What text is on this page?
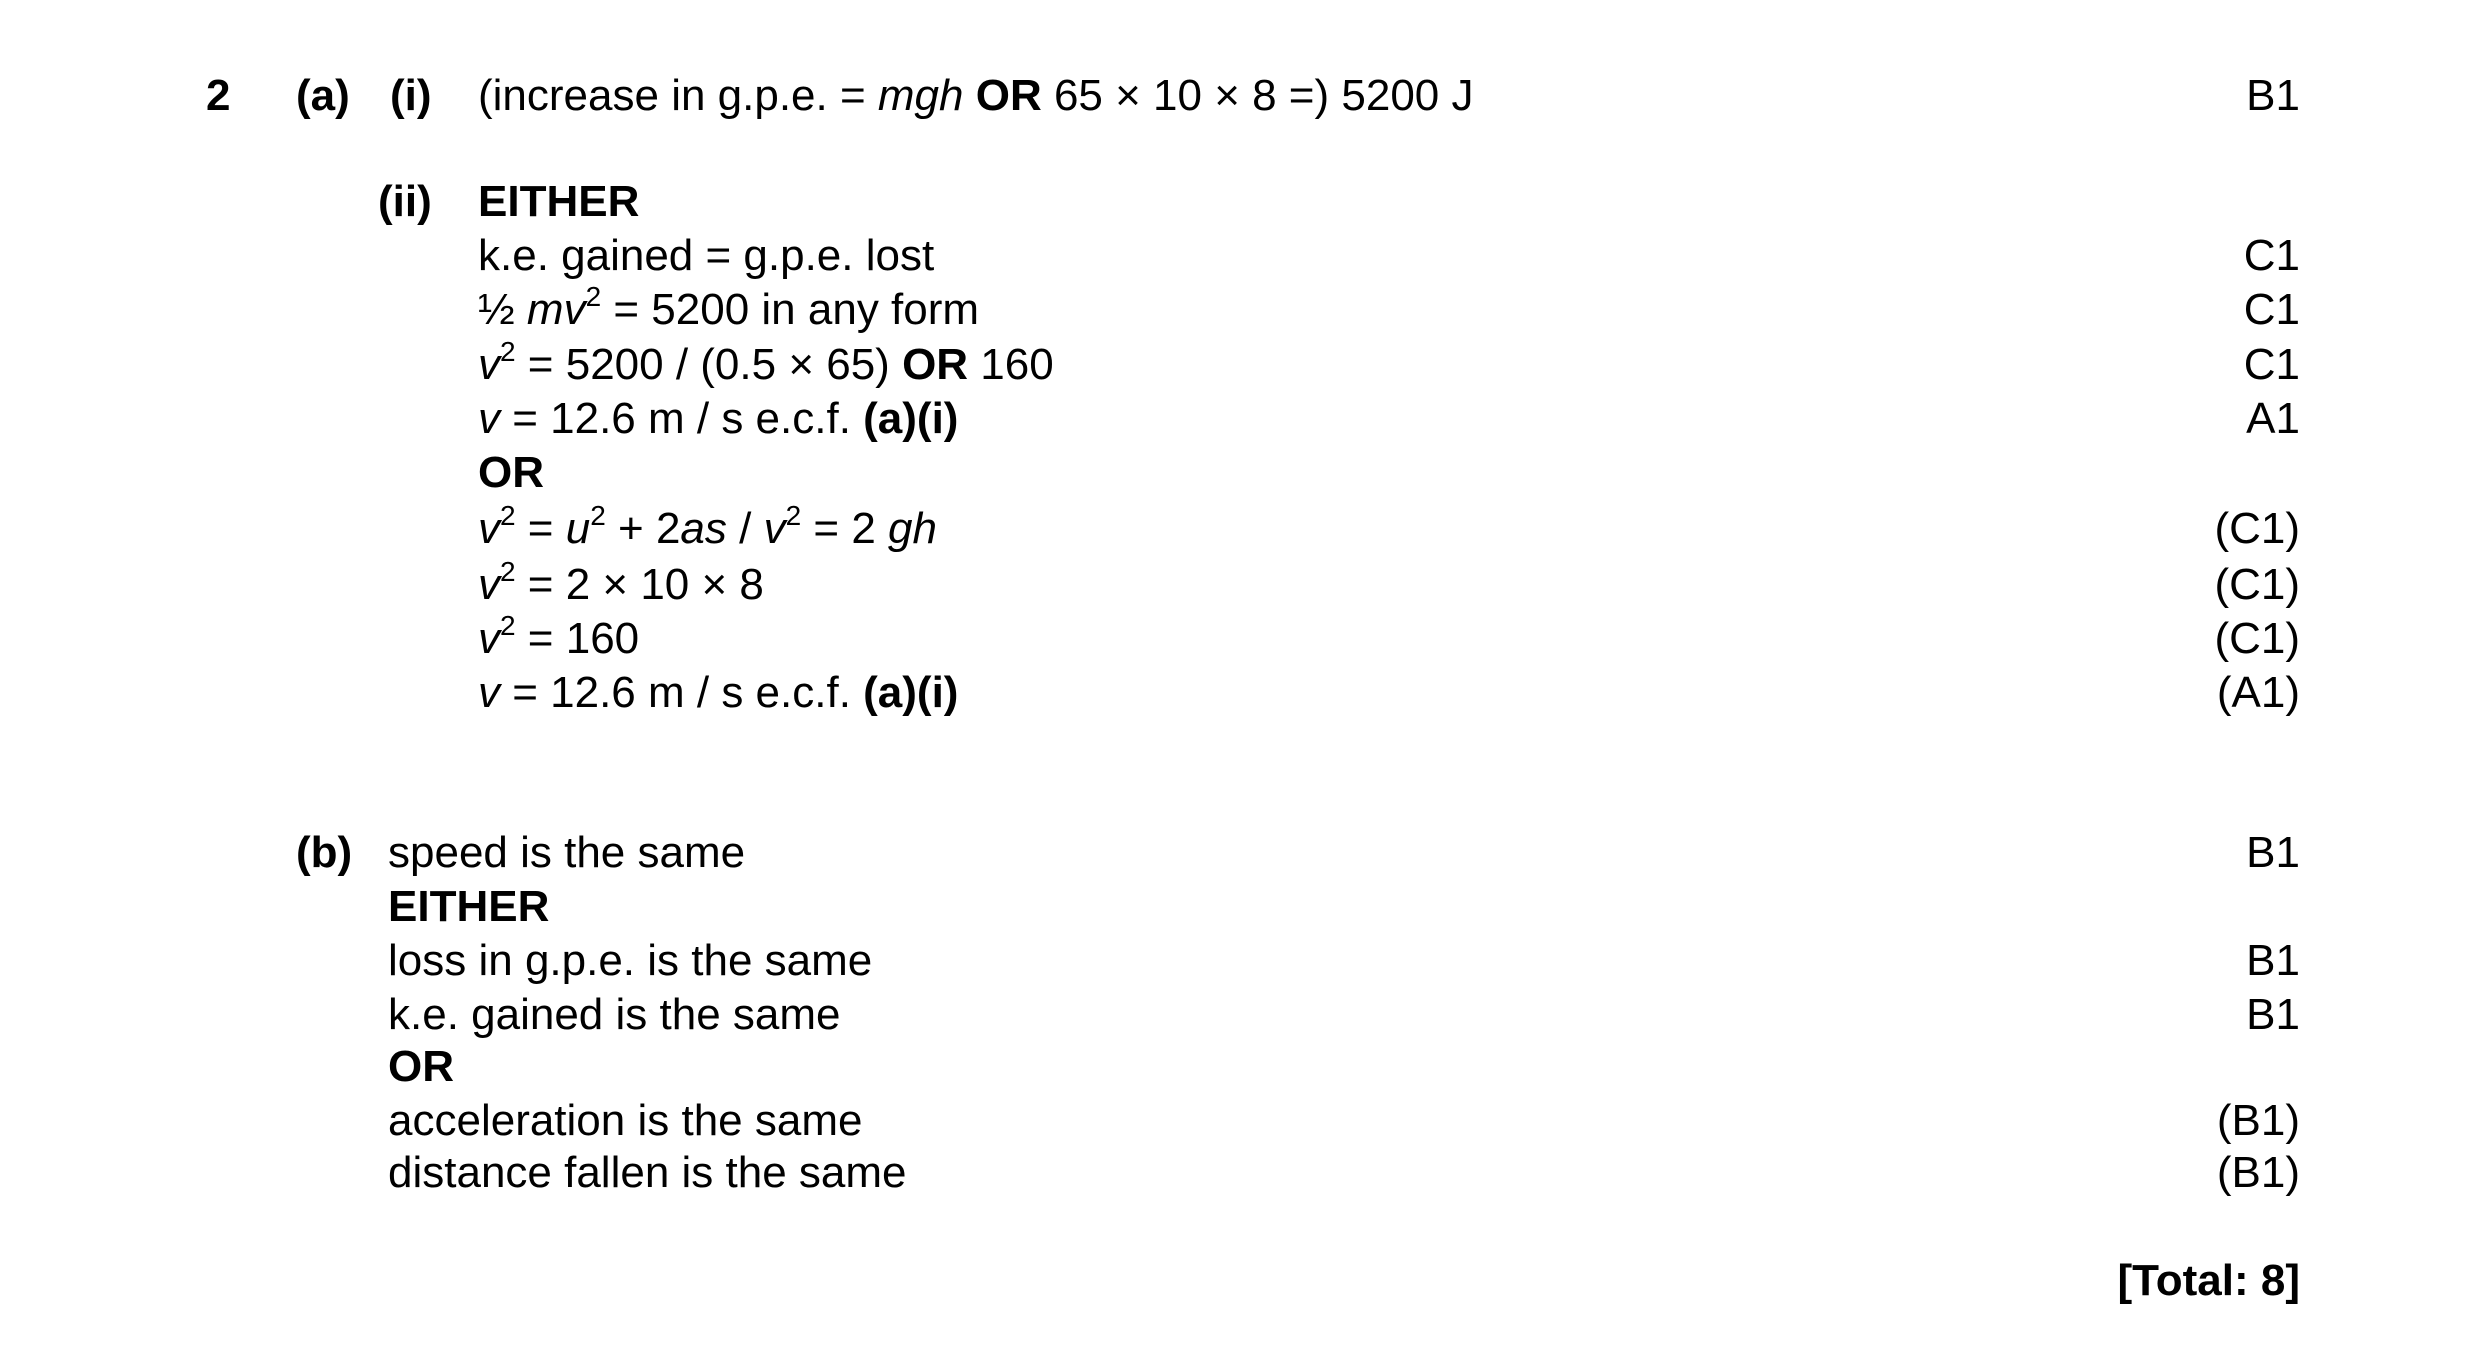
2 (a) (i) (increase in g.p.e. = mgh OR 65 × 10 × 8 =) 5200 J	B1
(ii) EITHER
k.e. gained = g.p.e. lost	C1
½ $mv^2 = 5200$ in any form	C1
$v^2 = 5200 / (0.5 \times 65)$ OR 160	C1
v = 12.6 m / s e.c.f. (a)(i)	A1
OR
$v^2 = u^2 + 2as / v^2 = 2$ gh	(C1)
$v^2 = 2 \times 10 \times 8$	(C1)
$v^2 = 160$	(C1)
v = 12.6 m / s e.c.f. (a)(i)	(A1)
(b) speed is the same	B1
EITHER
loss in g.p.e. is the same	B1
k.e. gained is the same	B1
OR
acceleration is the same	(B1)
distance fallen is the same	(B1)
[Total: 8]
